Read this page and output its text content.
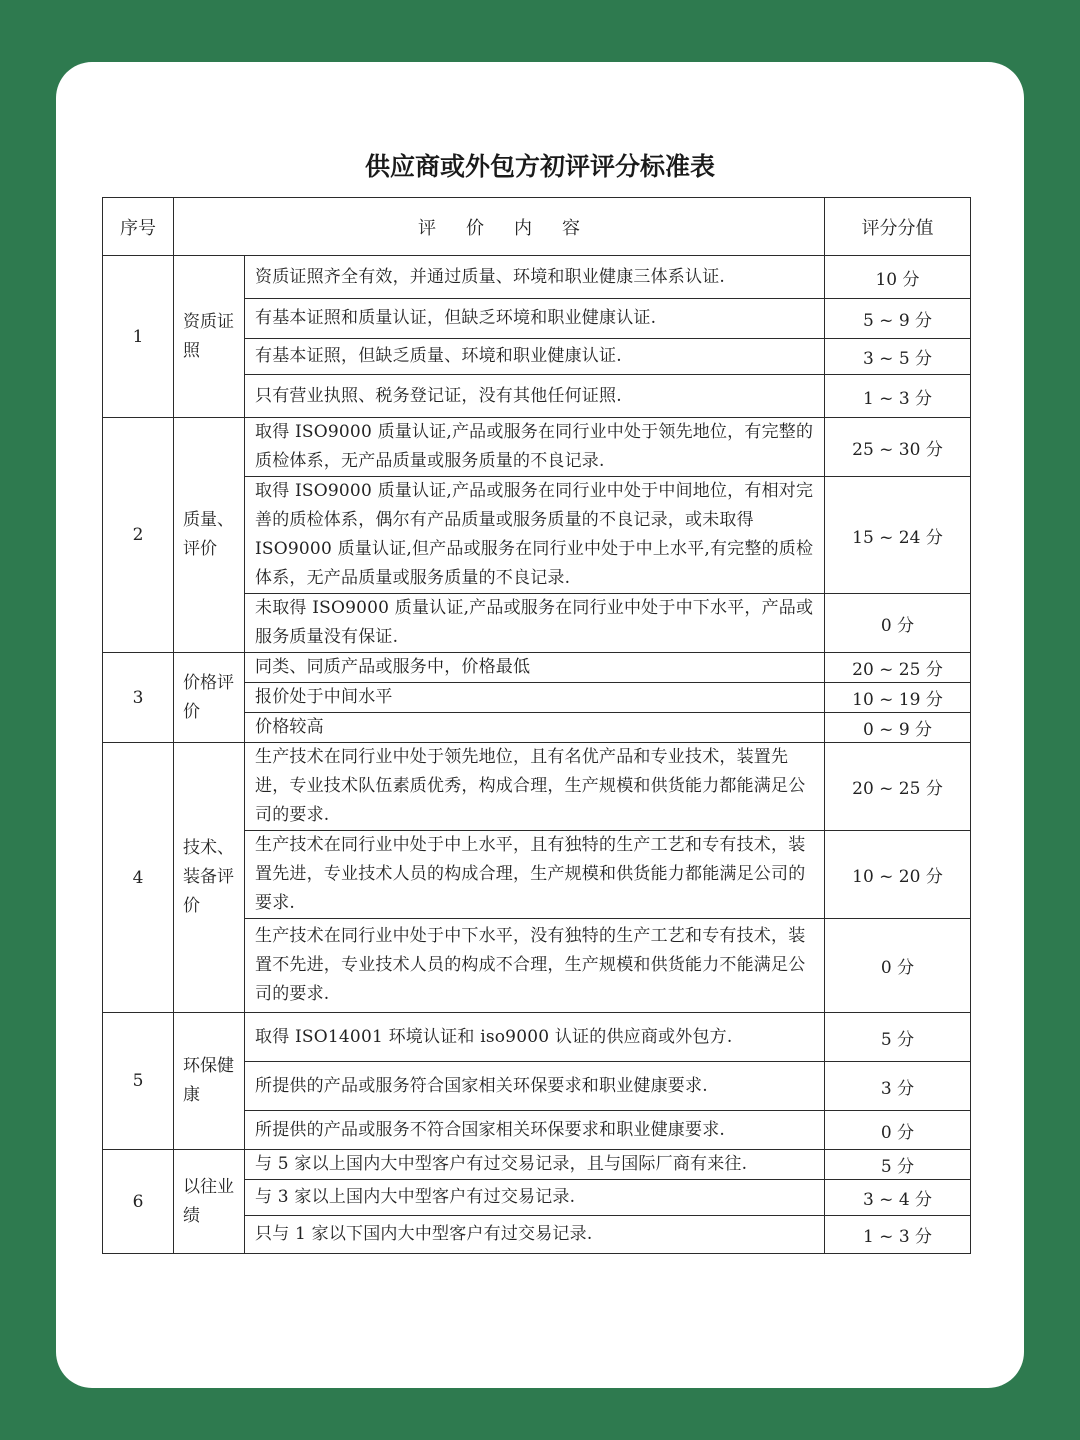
供应商或外包方初评评分标准表
序号	评价内容		评分分值
1	资质证照	资质证照齐全有效，并通过质量、环境和职业健康三体系认证.	10 分
		有基本证照和质量认证，但缺乏环境和职业健康认证.	5 ~ 9 分
		有基本证照，但缺乏质量、环境和职业健康认证.	3 ~ 5 分
		只有营业执照、税务登记证，没有其他任何证照.	1 ~ 3 分
2	质量、评价	取得 ISO9000 质量认证,产品或服务在同行业中处于领先地位，有完整的质检体系，无产品质量或服务质量的不良记录.	25 ~ 30 分
		取得 ISO9000 质量认证,产品或服务在同行业中处于中间地位，有相对完善的质检体系，偶尔有产品质量或服务质量的不良记录，或未取得 ISO9000 质量认证,但产品或服务在同行业中处于中上水平,有完整的质检体系，无产品质量或服务质量的不良记录.	15 ~ 24 分
		未取得 ISO9000 质量认证,产品或服务在同行业中处于中下水平，产品或服务质量没有保证.	0 分
3	价格评价	同类、同质产品或服务中，价格最低	20 ~ 25 分
		报价处于中间水平	10 ~ 19 分
		价格较高	0 ~ 9 分
4	技术、装备评价	生产技术在同行业中处于领先地位，且有名优产品和专业技术，装置先进，专业技术队伍素质优秀，构成合理，生产规模和供货能力都能满足公司的要求.	20 ~ 25 分
		生产技术在同行业中处于中上水平，且有独特的生产工艺和专有技术，装置先进，专业技术人员的构成合理，生产规模和供货能力都能满足公司的要求.	10 ~ 20 分
		生产技术在同行业中处于中下水平，没有独特的生产工艺和专有技术，装置不先进，专业技术人员的构成不合理，生产规模和供货能力不能满足公司的要求.	0 分
5	环保健康	取得 ISO14001 环境认证和 iso9000 认证的供应商或外包方.	5 分
		所提供的产品或服务符合国家相关环保要求和职业健康要求.	3 分
		所提供的产品或服务不符合国家相关环保要求和职业健康要求.	0 分
6	以往业绩	与 5 家以上国内大中型客户有过交易记录，且与国际厂商有来往.	5 分
		与 3 家以上国内大中型客户有过交易记录.	3 ~ 4 分
		只与 1 家以下国内大中型客户有过交易记录.	1 ~ 3 分
